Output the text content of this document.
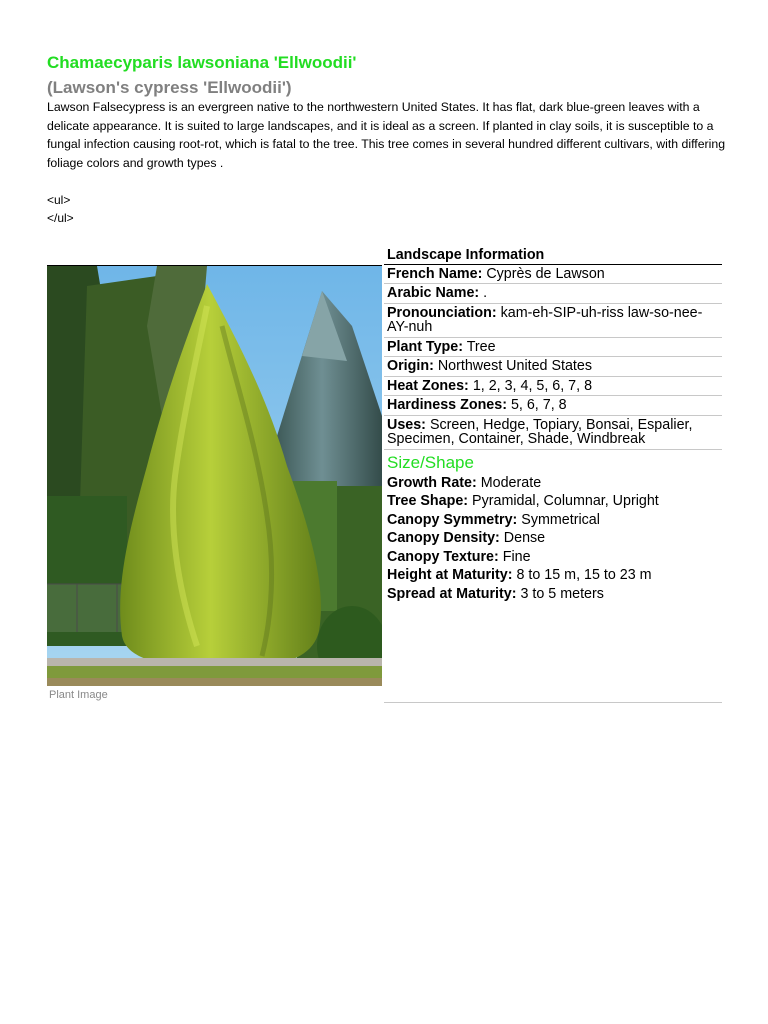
Chamaecyparis lawsoniana 'Ellwoodii'
(Lawson's cypress 'Ellwoodii')

Lawson Falsecypress is an evergreen native to the northwestern United States. It has flat, dark blue-green leaves with a delicate appearance. It is suited to large landscapes, and it is ideal as a screen. If planted in clay soils, it is susceptible to a fungal infection causing root-rot, which is fatal to the tree. This tree comes in several hundred different cultivars, with differing foliage colors and growth types .

<ul>

</ul>

Plant Image

Landscape Information
French Name: Cyprès de Lawson
Arabic Name: .
Pronounciation: kam-eh-SIP-uh-riss law-so-nee-AY-nuh
Plant Type: Tree
Origin: Northwest United States
Heat Zones: 1, 2, 3, 4, 5, 6, 7, 8
Hardiness Zones: 5, 6, 7, 8
Uses: Screen, Hedge, Topiary, Bonsai, Espalier, Specimen, Container, Shade, Windbreak
Size/Shape
Growth Rate: Moderate
Tree Shape: Pyramidal, Columnar, Upright
Canopy Symmetry: Symmetrical
Canopy Density: Dense
Canopy Texture: Fine
Height at Maturity: 8 to 15 m, 15 to 23 m
Spread at Maturity: 3 to 5 meters
